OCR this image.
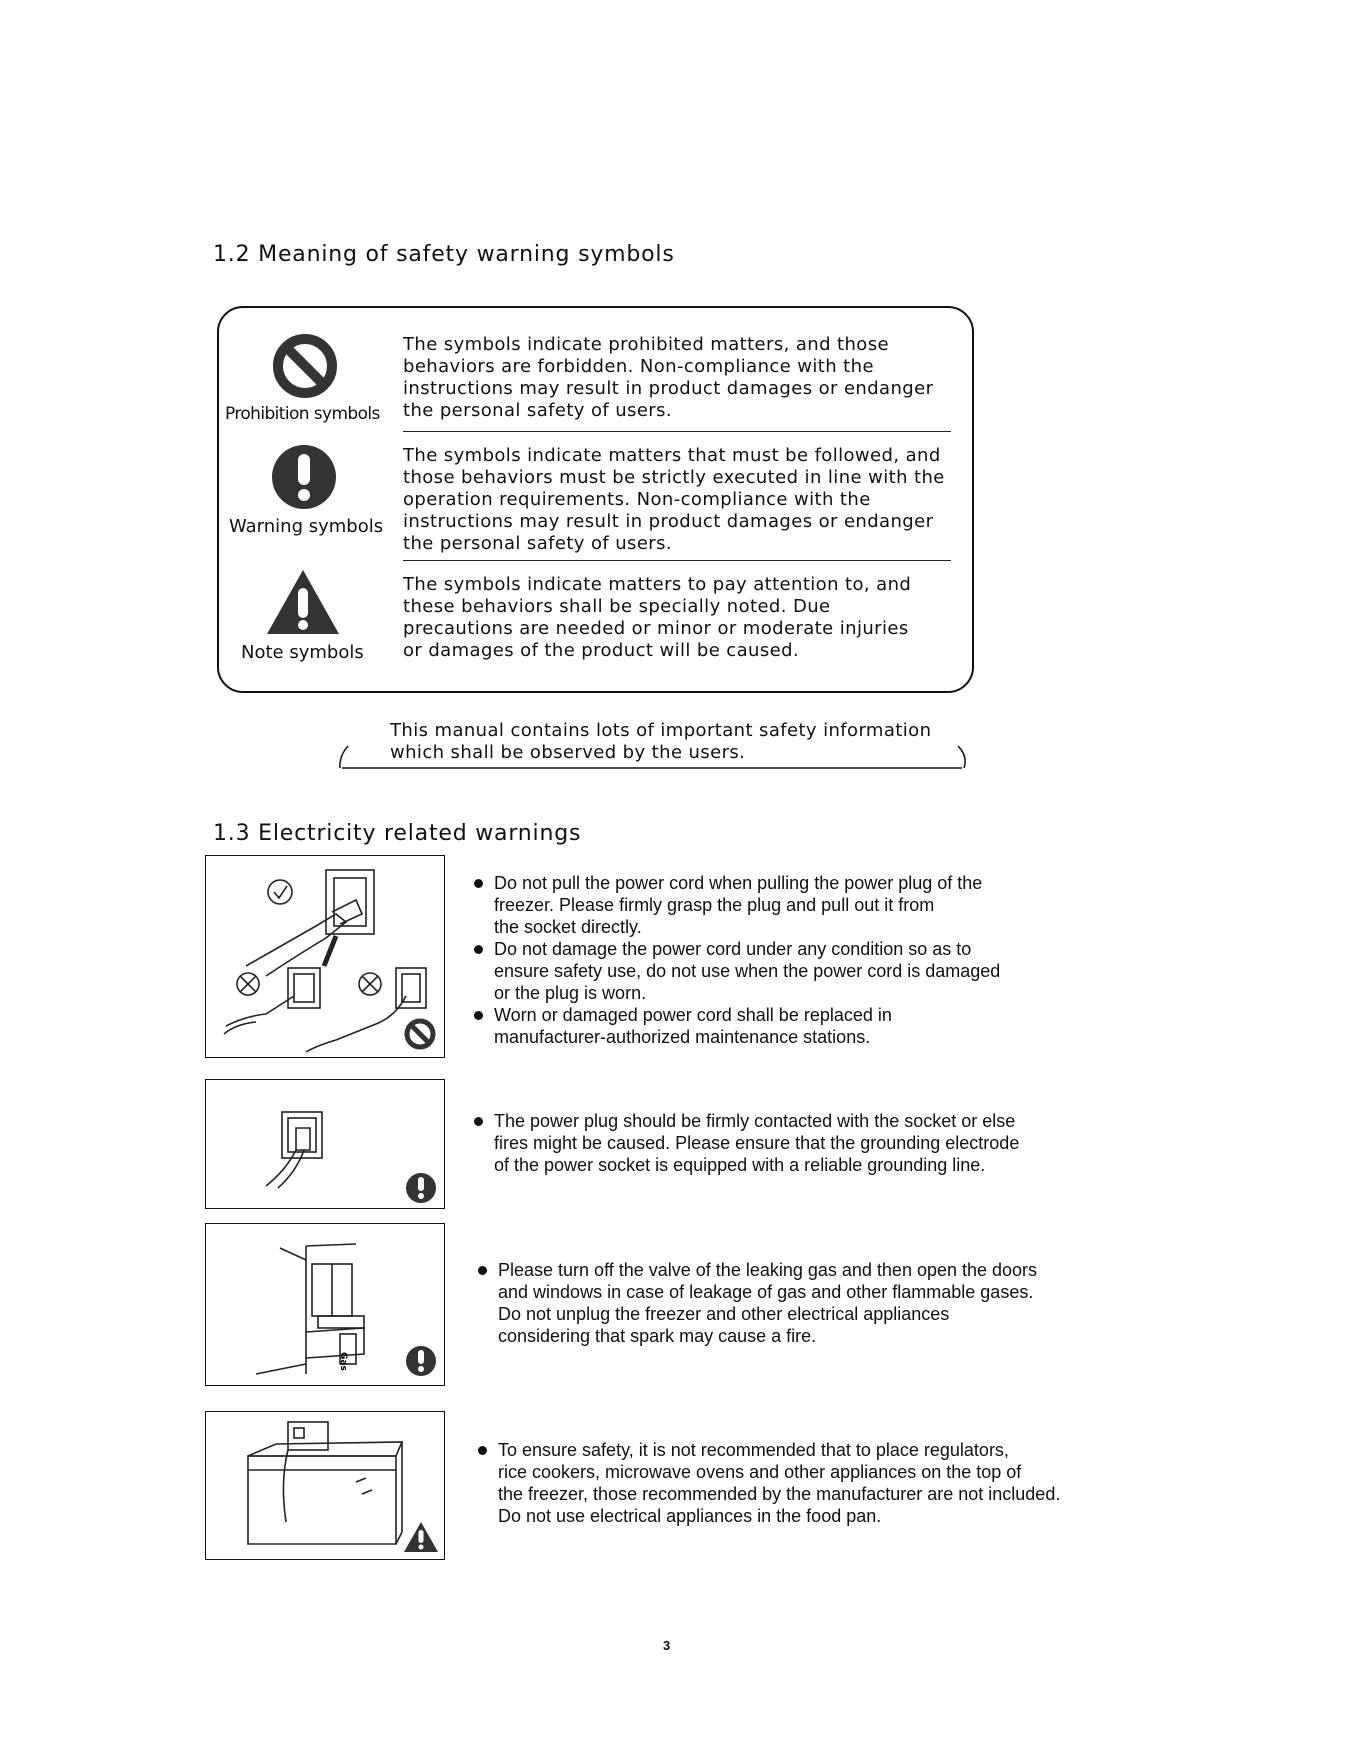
1.2 Meaning of safety warning symbols
Prohibition symbols
The symbols indicate prohibited matters, and those
behaviors are forbidden. Non-compliance with the
instructions may result in product damages or endanger
the personal safety of users.
Warning symbols
The symbols indicate matters that must be followed, and
those behaviors must be strictly executed in line with the
operation requirements. Non-compliance with the
instructions may result in product damages or endanger
the personal safety of users.
Note symbols
The symbols indicate matters to pay attention to, and
these behaviors shall be specially noted. Due
precautions are needed or minor or moderate injuries
or damages of the product will be caused.
This manual contains lots of important safety information
which shall be observed by the users.
1.3 Electricity related warnings
Do not pull the power cord when pulling the power plug of the
freezer. Please firmly grasp the plug and pull out it from
the socket directly.
Do not damage the power cord under any condition so as to
ensure safety use, do not use when the power cord is damaged
or the plug is worn.
Worn or damaged power cord shall be replaced in
manufacturer-authorized maintenance stations.
The power plug should be firmly contacted with the socket or else
fires might be caused. Please ensure that the grounding electrode
of the power socket is equipped with a reliable grounding line.
Gas
Please turn off the valve of the leaking gas and then open the doors
and windows in case of leakage of gas and other flammable gases.
Do not unplug the freezer and other electrical appliances
considering that spark may cause a fire.
To ensure safety, it is not recommended that to place regulators,
rice cookers, microwave ovens and other appliances on the top of
the freezer, those recommended by the manufacturer are not included.
Do not use electrical appliances in the food pan.
3
